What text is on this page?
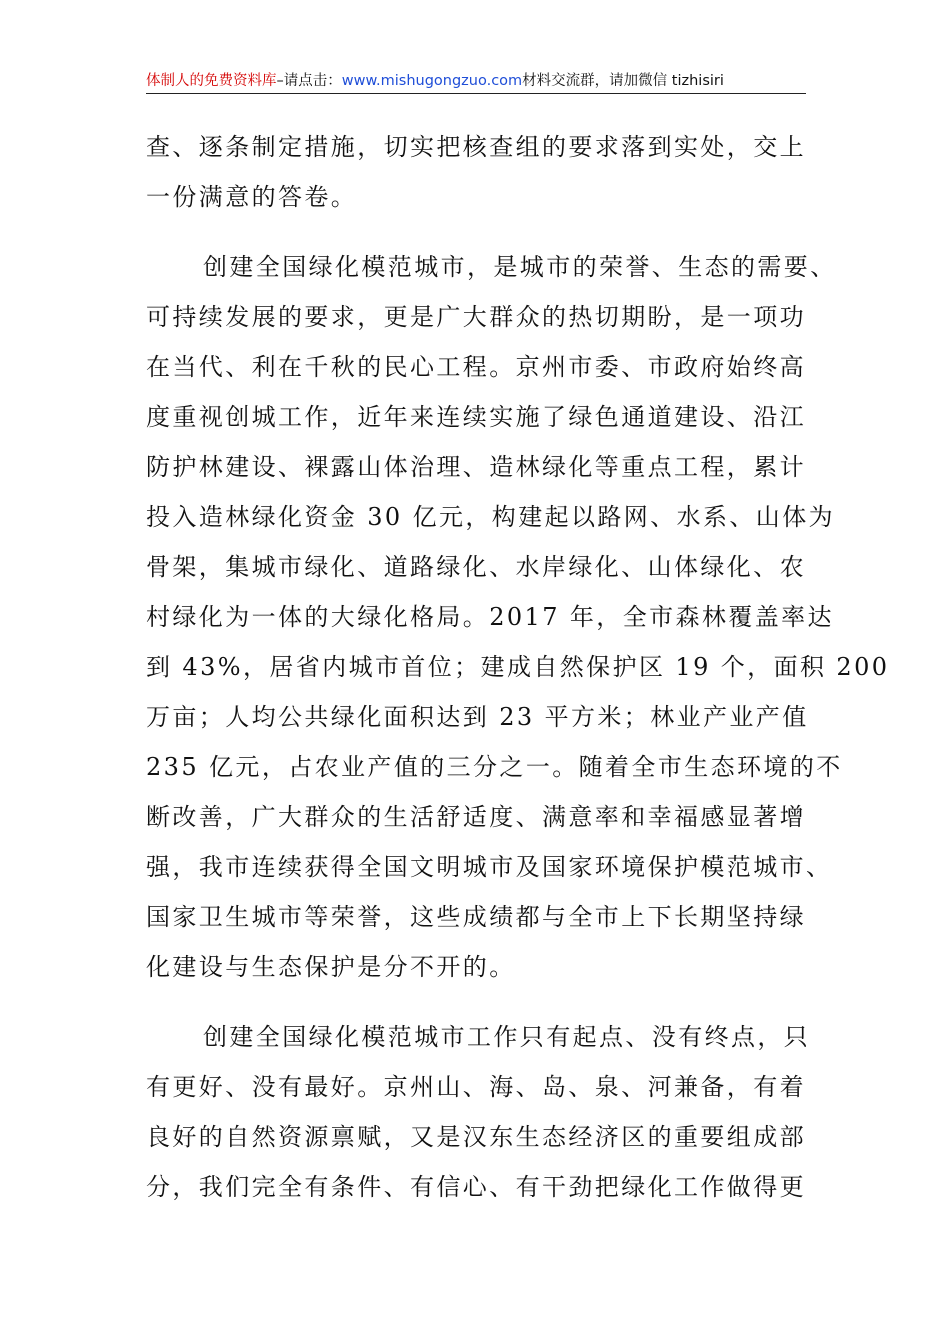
体制人的免费资料库–请点击：www.mishugongzuo.com材料交流群，请加微信 tizhisiri
查、逐条制定措施，切实把核查组的要求落到实处，交上
一份满意的答卷。
创建全国绿化模范城市，是城市的荣誉、生态的需要、
可持续发展的要求，更是广大群众的热切期盼，是一项功
在当代、利在千秋的民心工程。京州市委、市政府始终高
度重视创城工作，近年来连续实施了绿色通道建设、沿江
防护林建设、裸露山体治理、造林绿化等重点工程，累计
投入造林绿化资金 30 亿元，构建起以路网、水系、山体为
骨架，集城市绿化、道路绿化、水岸绿化、山体绿化、农
村绿化为一体的大绿化格局。2017 年，全市森林覆盖率达
到 43%，居省内城市首位；建成自然保护区 19 个，面积 200
万亩；人均公共绿化面积达到 23 平方米；林业产业产值
235 亿元，占农业产值的三分之一。随着全市生态环境的不
断改善，广大群众的生活舒适度、满意率和幸福感显著增
强，我市连续获得全国文明城市及国家环境保护模范城市、
国家卫生城市等荣誉，这些成绩都与全市上下长期坚持绿
化建设与生态保护是分不开的。
创建全国绿化模范城市工作只有起点、没有终点，只
有更好、没有最好。京州山、海、岛、泉、河兼备，有着
良好的自然资源禀赋，又是汉东生态经济区的重要组成部
分，我们完全有条件、有信心、有干劲把绿化工作做得更
